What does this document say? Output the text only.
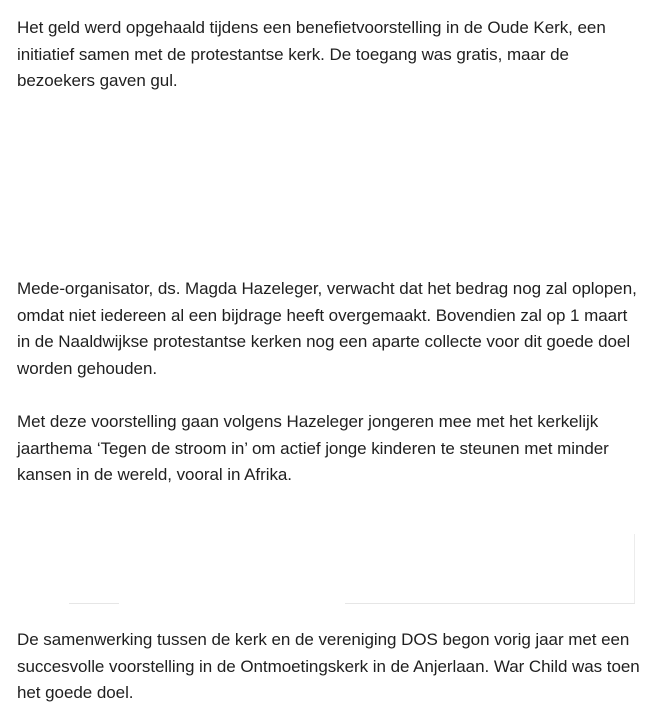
Het geld werd opgehaald tijdens een benefietvoorstelling in de Oude Kerk, een initiatief samen met de protestantse kerk. De toegang was gratis, maar de bezoekers gaven gul.

Mede-organisator, ds. Magda Hazeleger, verwacht dat het bedrag nog zal oplopen, omdat niet iedereen al een bijdrage heeft overgemaakt. Bovendien zal op 1 maart in de Naaldwijkse protestantse kerken nog een aparte collecte voor dit goede doel worden gehouden.

Met deze voorstelling gaan volgens Hazeleger jongeren mee met het kerkelijk jaarthema ‘Tegen de stroom in’ om actief jonge kinderen te steunen met minder kansen in de wereld, vooral in Afrika.

De samenwerking tussen de kerk en de vereniging DOS begon vorig jaar met een succesvolle voorstelling in de Ontmoetingskerk in de Anjerlaan. War Child was toen het goede doel.
